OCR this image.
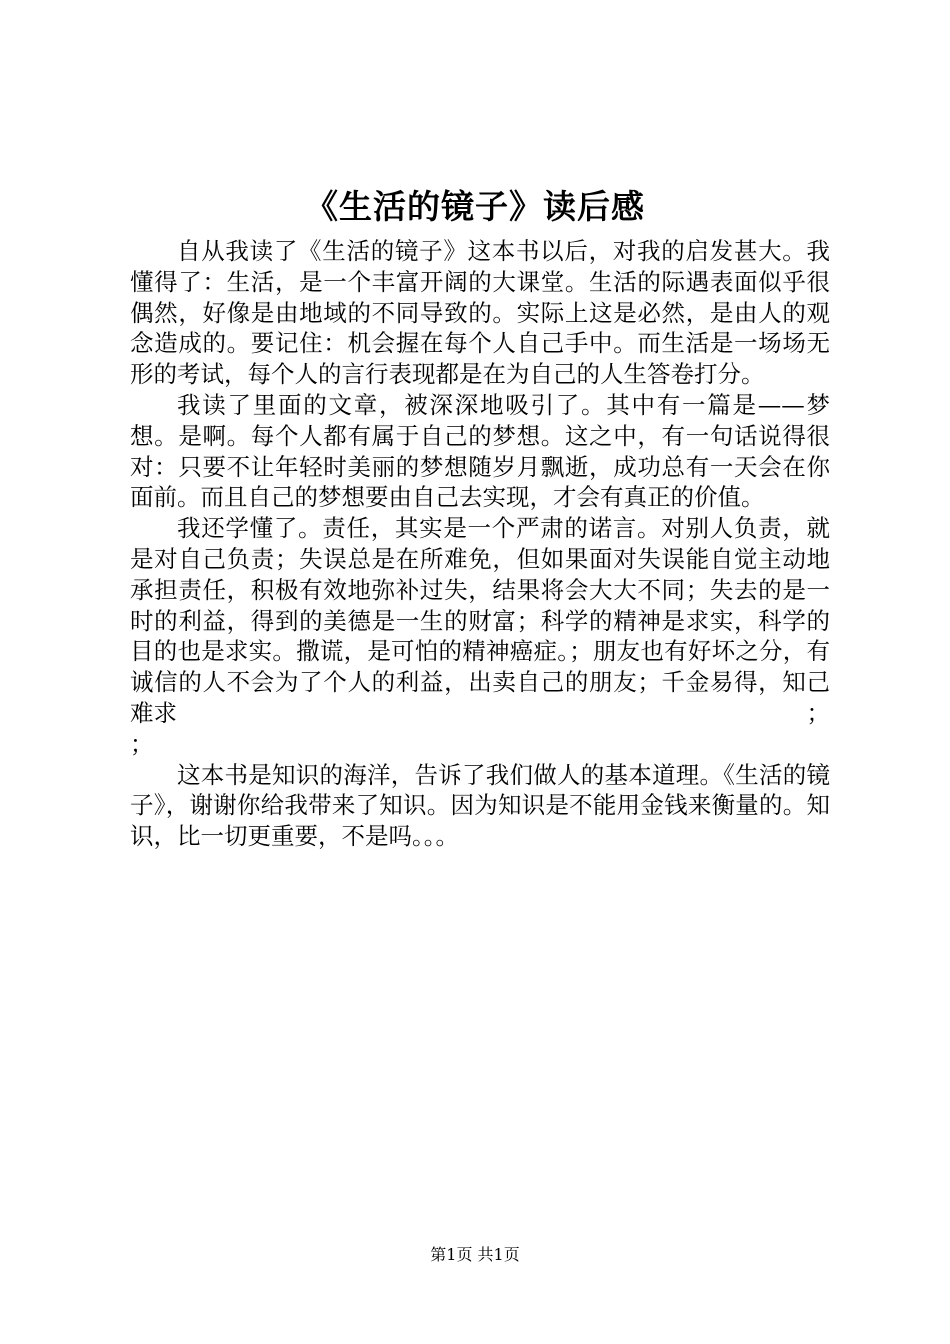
《生活的镜子》读后感

自从我读了《生活的镜子》这本书以后，对我的启发甚大。我懂得了：生活，是一个丰富开阔的大课堂。生活的际遇表面似乎很偶然，好像是由地域的不同导致的。实际上这是必然，是由人的观念造成的。要记住：机会握在每个人自己手中。而生活是一场场无形的考试，每个人的言行表现都是在为自己的人生答卷打分。

我读了里面的文章，被深深地吸引了。其中有一篇是——梦想。是啊。每个人都有属于自己的梦想。这之中，有一句话说得很对：只要不让年轻时美丽的梦想随岁月飘逝，成功总有一天会在你面前。而且自己的梦想要由自己去实现，才会有真正的价值。

我还学懂了。责任，其实是一个严肃的诺言。对别人负责，就是对自己负责；失误总是在所难免，但如果面对失误能自觉主动地承担责任，积极有效地弥补过失，结果将会大大不同；失去的是一时的利益，得到的美德是一生的财富；科学的精神是求实，科学的目的也是求实。撒谎，是可怕的精神癌症。；朋友也有好坏之分，有诚信的人不会为了个人的利益，出卖自己的朋友；千金易得，知己难求	；

；

这本书是知识的海洋，告诉了我们做人的基本道理。《生活的镜子》，谢谢你给我带来了知识。因为知识是不能用金钱来衡量的。知识，比一切更重要，不是吗。。。

第1页 共1页
